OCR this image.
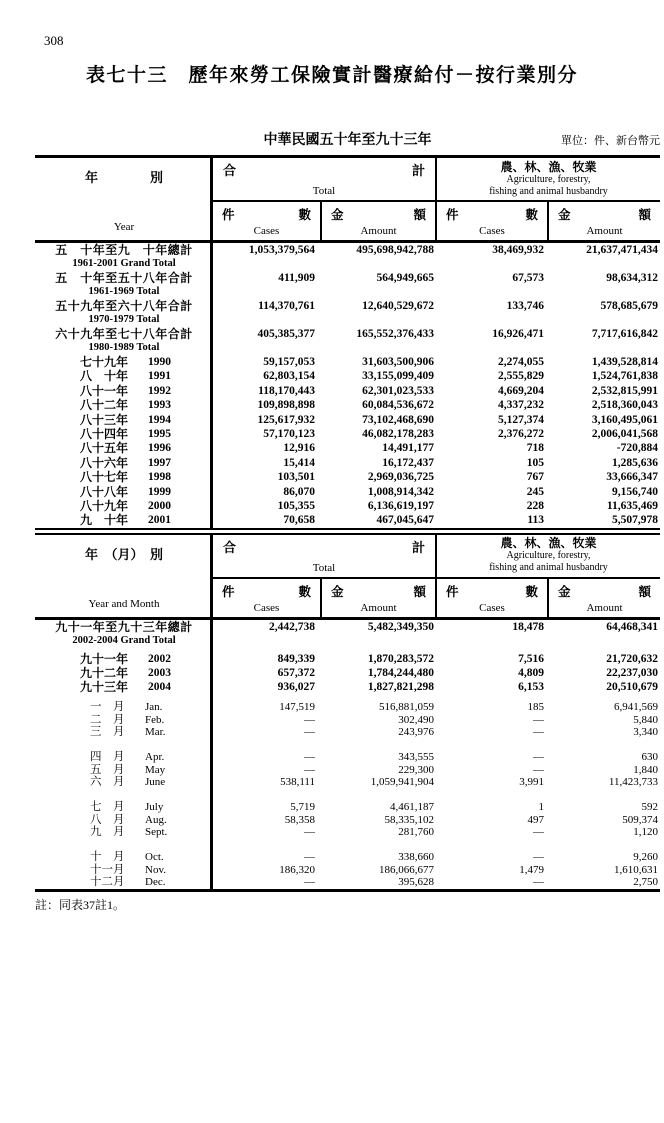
308
表七十三　歷年來勞工保險實計醫療給付－按行業別分
中華民國五十年至九十三年	單位：件、新台幣元
年　　　　別
Year
合	計
Total
農、林、漁、牧業
Agriculture, forestry,
fishing and animal husbandry
件	數
Cases
金	額
Amount
件	數
Cases
金	額
Amount
五　十年至九　十年總計
1961-2001 Grand Total
1,053,379,564	495,698,942,788	38,469,932	21,637,471,434
五　十年至五十八年合計
1961-1969 Total
411,909	564,949,665	67,573	98,634,312
五十九年至六十八年合計
1970-1979 Total
114,370,761	12,640,529,672	133,746	578,685,679
六十九年至七十八年合計
1980-1989 Total
405,385,377	165,552,376,433	16,926,471	7,717,616,842
七十九年	1990	59,157,053	31,603,500,906	2,274,055	1,439,528,814
八　十年	1991	62,803,154	33,155,099,409	2,555,829	1,524,761,838
八十一年	1992	118,170,443	62,301,023,533	4,669,204	2,532,815,991
八十二年	1993	109,898,898	60,084,536,672	4,337,232	2,518,360,043
八十三年	1994	125,617,932	73,102,468,690	5,127,374	3,160,495,061
八十四年	1995	57,170,123	46,082,178,283	2,376,272	2,006,041,568
八十五年	1996	12,916	14,491,177	718	-720,884
八十六年	1997	15,414	16,172,437	105	1,285,636
八十七年	1998	103,501	2,969,036,725	767	33,666,347
八十八年	1999	86,070	1,008,914,342	245	9,156,740
八十九年	2000	105,355	6,136,619,197	228	11,635,469
九　十年	2001	70,658	467,045,647	113	5,507,978
年　（月）　別
Year and Month
合	計
Total
農、林、漁、牧業
Agriculture, forestry,
fishing and animal husbandry
件	數
Cases
金	額
Amount
件	數
Cases
金	額
Amount
九十一年至九十三年總計
2002-2004 Grand Total
2,442,738	5,482,349,350	18,478	64,468,341
九十一年	2002	849,339	1,870,283,572	7,516	21,720,632
九十二年	2003	657,372	1,784,244,480	4,809	22,237,030
九十三年	2004	936,027	1,827,821,298	6,153	20,510,679
一　月	Jan.	147,519	516,881,059	185	6,941,569
二　月	Feb.	—	302,490	—	5,840
三　月	Mar.	—	243,976	—	3,340
四　月	Apr.	—	343,555	—	630
五　月	May	—	229,300	—	1,840
六　月	June	538,111	1,059,941,904	3,991	11,423,733
七　月	July	5,719	4,461,187	1	592
八　月	Aug.	58,358	58,335,102	497	509,374
九　月	Sept.	—	281,760	—	1,120
十　月	Oct.	—	338,660	—	9,260
十一月	Nov.	186,320	186,066,677	1,479	1,610,631
十二月	Dec.	—	395,628	—	2,750
註：同表37註1。
